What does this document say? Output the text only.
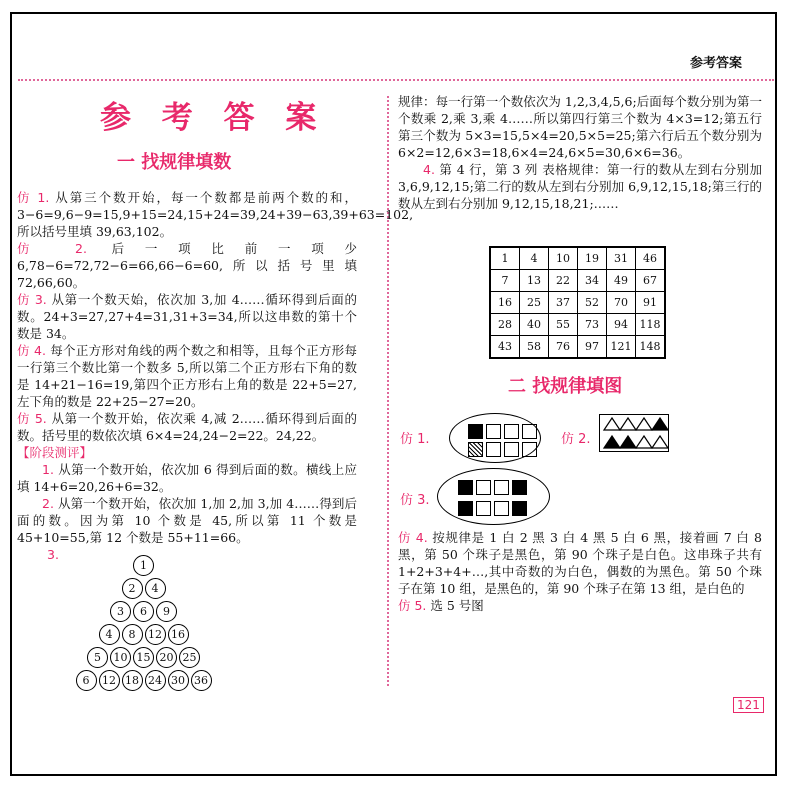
参考答案
参 考 答 案
一 找规律填数
仿 1. 从第三个数开始，每一个数都是前两个数的和，3−6=9,6−9=15,9+15=24,15+24=39,24+39−63,39+63=102,所以括号里填 39,63,102。
仿 2. 后一项比前一项少 6,78−6=72,72−6=66,66−6=60,所以括号里填 72,66,60。
仿 3. 从第一个数天始，依次加 3,加 4……循环得到后面的数。24+3=27,27+4=31,31+3=34,所以这串数的第十个数是 34。
仿 4. 每个正方形对角线的两个数之和相等，且每个正方形每一行第三个数比第一个数多 5,所以第二个正方形右下角的数是 14+21−16=19,第四个正方形右上角的数是 22+5=27,左下角的数是 22+25−27=20。
仿 5. 从第一个数开始，依次乘 4,减 2……循环得到后面的数。括号里的数依次填 6×4=24,24−2=22。24,22。
【阶段测评】
1. 从第一个数开始，依次加 6 得到后面的数。横线上应填 14+6=20,26+6=32。
2. 从第一个数开始，依次加 1,加 2,加 3,加 4……得到后面的数。因为第 10 个数是 45,所以第 11 个数是 45+10=55,第 12 个数是 55+11=66。
3.
1
2	4
3	6	9
4	8	12 16
5	10 15 20 25
6	12 18 24 30 36
规律：每一行第一个数依次为 1,2,3,4,5,6;后面每个数分别为第一个数乘 2,乘 3,乘 4……所以第四行第三个数为 4×3=12;第五行第三个数为 5×3=15,5×4=20,5×5=25;第六行后五个数分别为 6×2=12,6×3=18,6×4=24,6×5=30,6×6=36。
4. 第 4 行，第 3 列 表格规律：第一行的数从左到右分别加 3,6,9,12,15;第二行的数从左到右分别加 6,9,12,15,18;第三行的数从左到右分别加 9,12,15,18,21;……
1	4	10	19	31	46
7	13	22	34	49	67
16	25	37	52	70	91
28	40	55	73	94	118
43	58	76	97	121	148
二 找规律填图
仿 1.	仿 2.
仿 3.
仿 4. 按规律是 1 白 2 黑 3 白 4 黑 5 白 6 黑，接着画 7 白 8 黑，第 50 个珠子是黑色，第 90 个珠子是白色。这串珠子共有 1+2+3+4+…,其中奇数的为白色，偶数的为黑色。第 50 个珠子在第 10 组，是黑色的，第 90 个珠子在第 13 组，是白色的
仿 5. 选 5 号图
121
